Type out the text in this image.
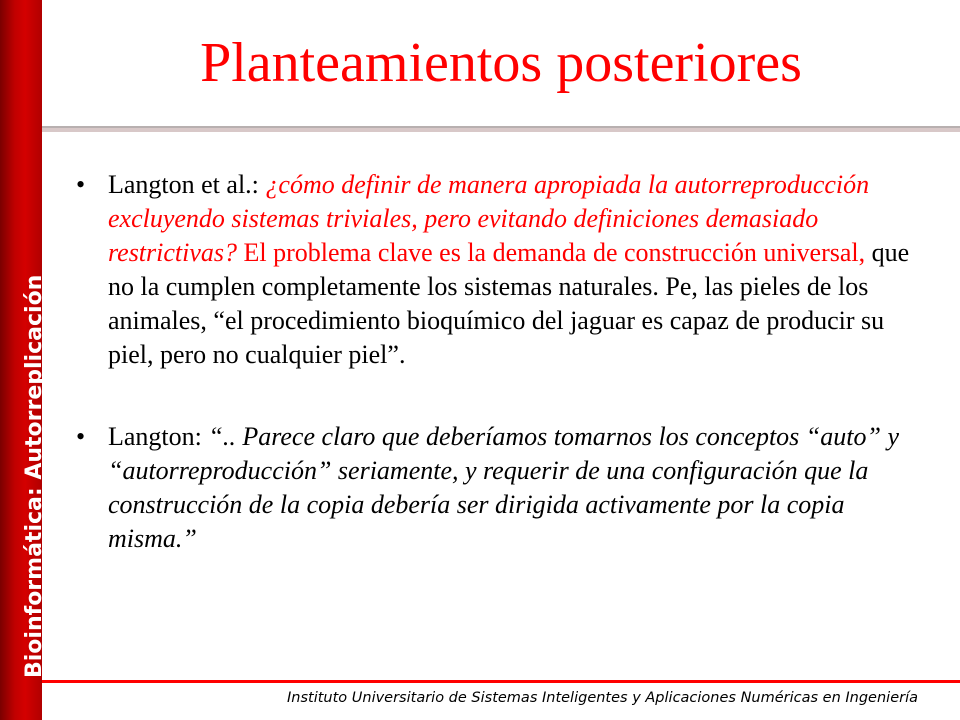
Bioinformática: Autorreplicación
Planteamientos posteriores
• Langton et al.: ¿cómo definir de manera apropiada la autorreproducción excluyendo sistemas triviales, pero evitando definiciones demasiado restrictivas? El problema clave es la demanda de construcción universal, que no la cumplen completamente los sistemas naturales. Pe, las pieles de los animales, “el procedimiento bioquímico del jaguar es capaz de producir su piel, pero no cualquier piel”.
• Langton: “.. Parece claro que deberíamos tomarnos los conceptos “auto” y “autorreproducción” seriamente, y requerir de una configuración que la construcción de la copia debería ser dirigida activamente por la copia misma.”
Instituto Universitario de Sistemas Inteligentes y Aplicaciones Numéricas en Ingeniería
